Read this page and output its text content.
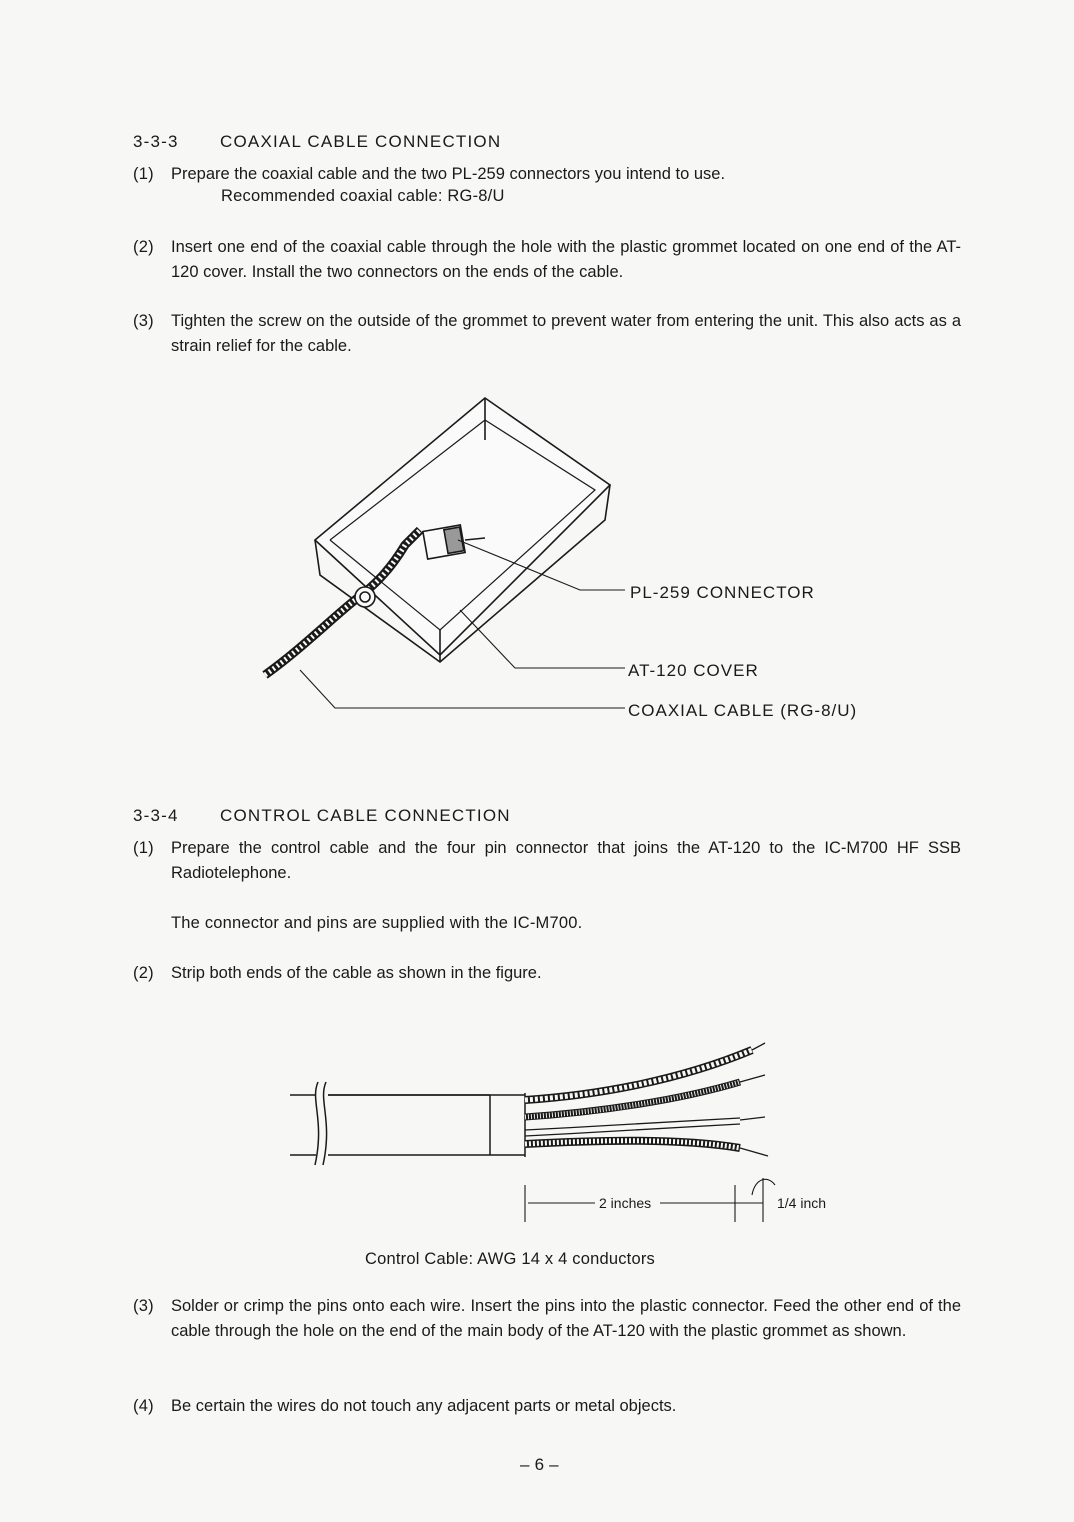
3-3-3 COAXIAL CABLE CONNECTION
(1) Prepare the coaxial cable and the two PL-259 connectors you intend to use.
Recommended coaxial cable: RG-8/U
(2) Insert one end of the coaxial cable through the hole with the plastic grommet located on one end of the AT-120 cover. Install the two connectors on the ends of the cable.
(3) Tighten the screw on the outside of the grommet to prevent water from entering the unit. This also acts as a strain relief for the cable.
PL-259 CONNECTOR
AT-120 COVER
COAXIAL CABLE (RG-8/U)
3-3-4 CONTROL CABLE CONNECTION
(1) Prepare the control cable and the four pin connector that joins the AT-120 to the IC-M700 HF SSB Radiotelephone.
The connector and pins are supplied with the IC-M700.
(2) Strip both ends of the cable as shown in the figure.
2 inches	1/4 inch
Control Cable: AWG 14 x 4 conductors
(3) Solder or crimp the pins onto each wire. Insert the pins into the plastic connector. Feed the other end of the cable through the hole on the end of the main body of the AT-120 with the plastic grommet as shown.
(4) Be certain the wires do not touch any adjacent parts or metal objects.
– 6 –
